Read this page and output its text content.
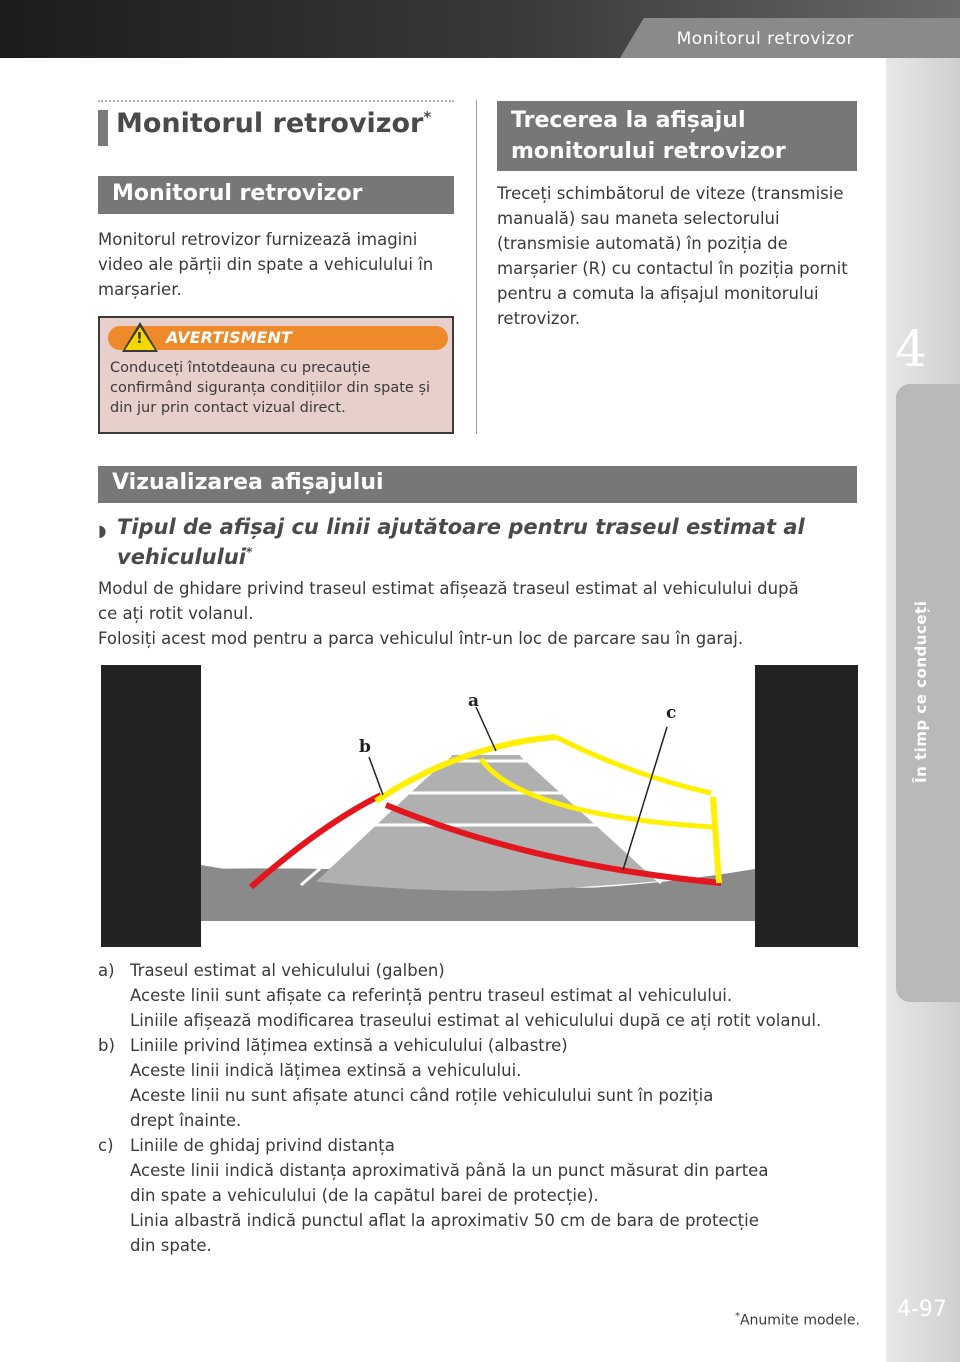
Monitorul retrovizor
4
În timp ce conduceți
Monitorul retrovizor*
Monitorul retrovizor
Monitorul retrovizor furnizează imagini video ale părții din spate a vehiculului în marșarier.
! AVERTISMENT
Conduceți întotdeauna cu precauție confirmând siguranța condițiilor din spate și din jur prin contact vizual direct.
Trecerea la afișajul monitorului retrovizor
Treceți schimbătorul de viteze (transmisie manuală) sau maneta selectorului (transmisie automată) în poziția de marșarier (R) cu contactul în poziția pornit pentru a comuta la afișajul monitorului retrovizor.
Vizualizarea afișajului
◗ Tipul de afișaj cu linii ajutătoare pentru traseul estimat al vehiculului*
Modul de ghidare privind traseul estimat afișează traseul estimat al vehiculului după
ce ați rotit volanul.
Folosiți acest mod pentru a parca vehiculul într-un loc de parcare sau în garaj.
a
b
c
a) Traseul estimat al vehiculului (galben)
Aceste linii sunt afișate ca referință pentru traseul estimat al vehiculului.
Liniile afișează modificarea traseului estimat al vehiculului după ce ați rotit volanul.
b) Liniile privind lățimea extinsă a vehiculului (albastre)
Aceste linii indică lățimea extinsă a vehiculului.
Aceste linii nu sunt afișate atunci când roțile vehiculului sunt în poziția
drept înainte.
c) Liniile de ghidaj privind distanța
Aceste linii indică distanța aproximativă până la un punct măsurat din partea
din spate a vehiculului (de la capătul barei de protecție).
Linia albastră indică punctul aflat la aproximativ 50 cm de bara de protecție
din spate.
*Anumite modele. 4-97
